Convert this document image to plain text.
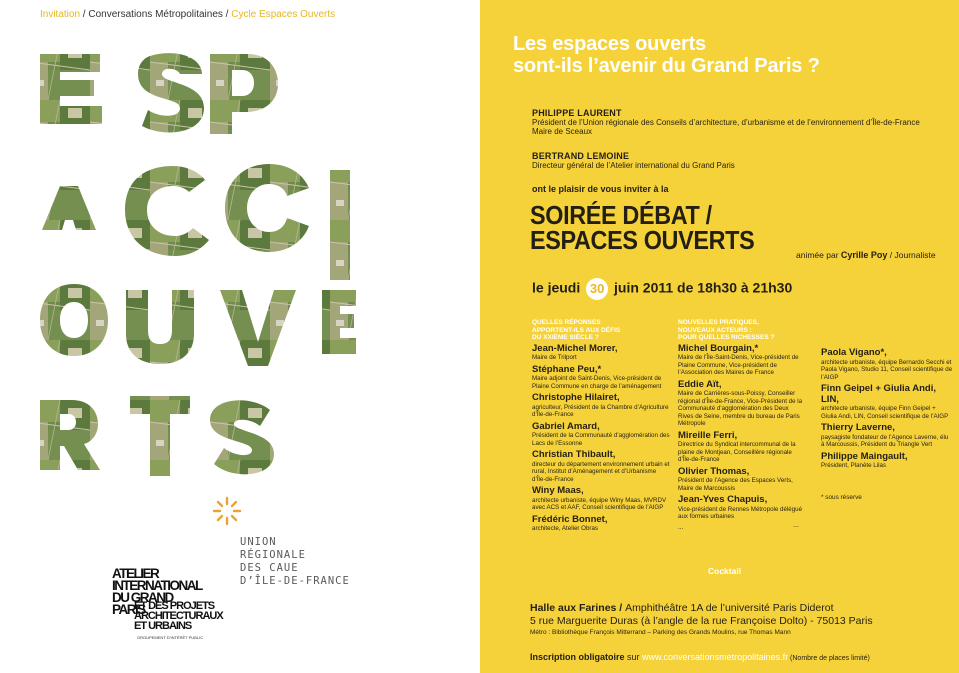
Invitation / Conversations Métropolitaines / Cycle Espaces Ouverts
UNION
RÉGIONALE
DES CAUE
D’ÎLE-DE-FRANCE
ATELIER
INTERNATIONAL
DU GRAND
PARIS
ET DES PROJETS
ARCHITECTURAUX
ET URBAINS
GROUPEMENT D’INTÉRÊT PUBLIC
Les espaces ouverts
sont-ils l’avenir du Grand Paris ?
PHILIPPE LAURENT
Président de l’Union régionale des Conseils d’architecture, d’urbanisme et de l’environnement d’Île-de-France
Maire de Sceaux
BERTRAND LEMOINE
Directeur général de l’Atelier international du Grand Paris
ont le plaisir de vous inviter à la
SOIRÉE DÉBAT /
ESPACES OUVERTS	animée par Cyrille Poy / Journaliste
le jeudi 30 juin 2011 de 18h30 à 21h30
QUELLES RÉPONSES
APPORTENT-ILS AUX DÉFIS
DU XXIÈME SIÈCLE ?
Jean-Michel Morer,
Maire de Trilport
Stéphane Peu,*
Maire adjoint de Saint-Denis, Vice-président de Plaine Commune en charge de l’aménagement
Christophe Hilairet,
agriculteur, Président de la Chambre d’Agriculture d’Île-de-France
Gabriel Amard,
Président de la Communauté d’agglomération des Lacs de l’Essonne
Christian Thibault,
directeur du département environnement urbain et rural, Institut d’Aménagement et d’Urbanisme d’Île-de-France
Winy Maas,
architecte urbaniste, équipe Winy Maas, MVRDV avec ACS et AAF, Conseil scientifique de l’AIGP
Frédéric Bonnet,
architecte, Atelier Obras
NOUVELLES PRATIQUES,
NOUVEAUX ACTEURS :
POUR QUELLES RICHESSES ?
Michel Bourgain,*
Maire de l’Île-Saint-Denis, Vice-président de Plaine Commune, Vice-président de l’Association des Maires de France
Eddie Aït,
Maire de Carrières-sous-Poissy, Conseiller régional d’Île-de-France, Vice-Président de la Communauté d’agglomération des Deux Rives de Seine, membre du bureau de Paris Métropole
Mireille Ferri,
Directrice du Syndicat intercommunal de la plaine de Montjean, Conseillère régionale d’Île-de-France
Olivier Thomas,
Président de l’Agence des Espaces Verts, Maire de Marcoussis
Jean-Yves Chapuis,
Vice-président de Rennes Métropole délégué aux formes urbaines
...	...
Paola Vigano*,
architecte urbaniste, équipe Bernardo Secchi et Paola Vigano, Studio 11, Conseil scientifique de l’AIGP
Finn Geipel + Giulia Andi, LIN,
architecte urbaniste, équipe Finn Geipel + Giulia Andi, LIN, Conseil scientifique de l’AIGP
Thierry Laverne,
paysagiste fondateur de l’Agence Laverne, élu à Marcoussis, Président du Triangle Vert
Philippe Maingault,
Président, Planète Lilas
* sous réserve
Cocktail
Halle aux Farines / Amphithéâtre 1A de l’université Paris Diderot
5 rue Marguerite Duras (à l’angle de la rue Françoise Dolto) - 75013 Paris
Métro : Bibliothèque François Mitterrand – Parking des Grands Moulins, rue Thomas Mann
Inscription obligatoire sur www.conversationsmetropolitaines.fr (Nombre de places limité)
